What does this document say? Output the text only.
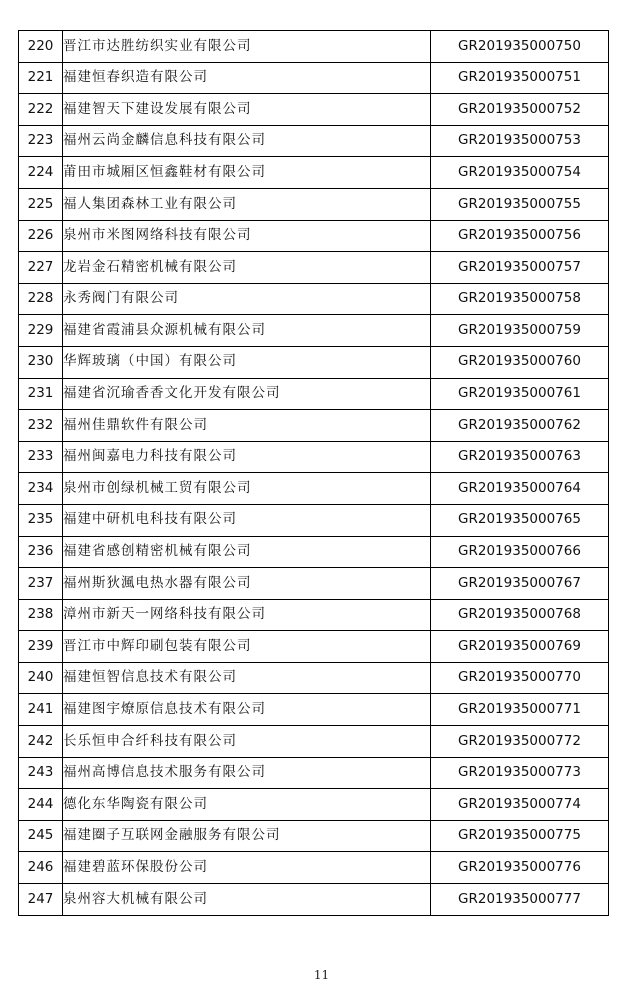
220	晋江市达胜纺织实业有限公司	GR201935000750
221	福建恒春织造有限公司	GR201935000751
222	福建智天下建设发展有限公司	GR201935000752
223	福州云尚金麟信息科技有限公司	GR201935000753
224	莆田市城厢区恒鑫鞋材有限公司	GR201935000754
225	福人集团森林工业有限公司	GR201935000755
226	泉州市米图网络科技有限公司	GR201935000756
227	龙岩金石精密机械有限公司	GR201935000757
228	永秀阀门有限公司	GR201935000758
229	福建省霞浦县众源机械有限公司	GR201935000759
230	华辉玻璃（中国）有限公司	GR201935000760
231	福建省沉瑜香香文化开发有限公司	GR201935000761
232	福州佳鼎软件有限公司	GR201935000762
233	福州闽嘉电力科技有限公司	GR201935000763
234	泉州市创绿机械工贸有限公司	GR201935000764
235	福建中研机电科技有限公司	GR201935000765
236	福建省感创精密机械有限公司	GR201935000766
237	福州斯狄渢电热水器有限公司	GR201935000767
238	漳州市新天一网络科技有限公司	GR201935000768
239	晋江市中辉印刷包装有限公司	GR201935000769
240	福建恒智信息技术有限公司	GR201935000770
241	福建图宇燎原信息技术有限公司	GR201935000771
242	长乐恒申合纤科技有限公司	GR201935000772
243	福州高博信息技术服务有限公司	GR201935000773
244	德化东华陶瓷有限公司	GR201935000774
245	福建圈子互联网金融服务有限公司	GR201935000775
246	福建碧蓝环保股份公司	GR201935000776
247	泉州容大机械有限公司	GR201935000777
11
